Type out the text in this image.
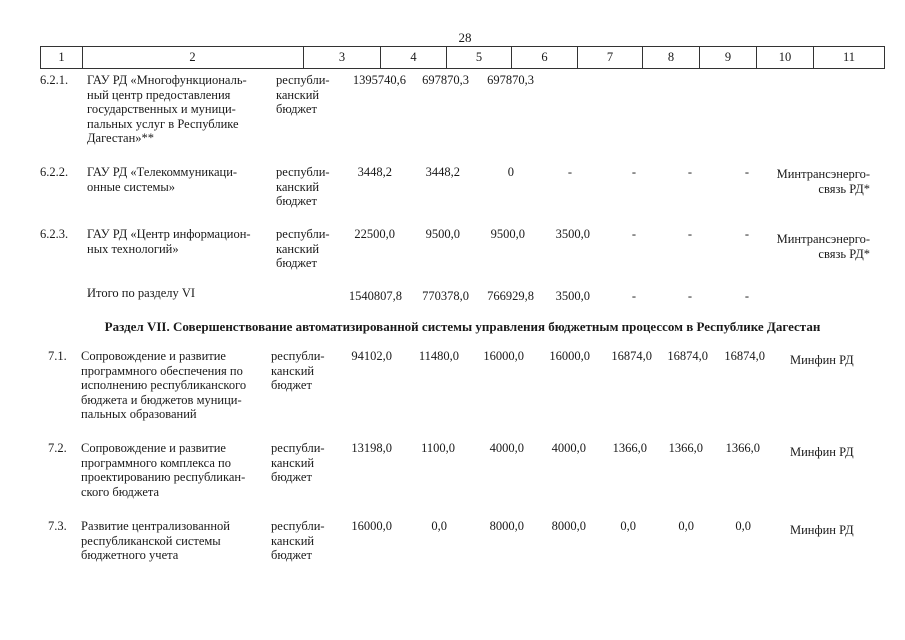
28
1	2	3	4	5	6	7	8	9	10	11
6.2.1.	ГАУ РД «Многофункциональ-
ный центр предоставления
государственных и муници-
пальных услуг в Республике
Дагестан»**
республи-
канский
бюджет
1395740,6	697870,3	697870,3
6.2.2.	ГАУ РД «Телекоммуникаци-
онные системы»
республи-
канский
бюджет
3448,2	3448,2	0	-	-	-	-	Минтрансэнерго-
связь РД*
6.2.3.	ГАУ РД «Центр информацион-
ных технологий»
республи-
канский
бюджет
22500,0	9500,0	9500,0	3500,0	-	-	-	Минтрансэнерго-
связь РД*
Итого по разделу VI	1540807,8	770378,0	766929,8	3500,0	-	-	-
Раздел VII. Совершенствование автоматизированной системы управления бюджетным процессом в Республике Дагестан
7.1.	Сопровождение и развитие
программного обеспечения по
исполнению республиканского
бюджета и бюджетов муници-
пальных образований
республи-
канский
бюджет
94102,0	11480,0	16000,0	16000,0	16874,0	16874,0	16874,0 Минфин РД
7.2.	Сопровождение и развитие
программного комплекса по
проектированию республикан-
ского бюджета
республи-
канский
бюджет
13198,0	1100,0	4000,0	4000,0	1366,0	1366,0	1366,0 Минфин РД
7.3.	Развитие централизованной
республиканской системы
бюджетного учета
республи-
канский
бюджет
16000,0	0,0	8000,0	8000,0	0,0	0,0	0,0	Минфин РД
